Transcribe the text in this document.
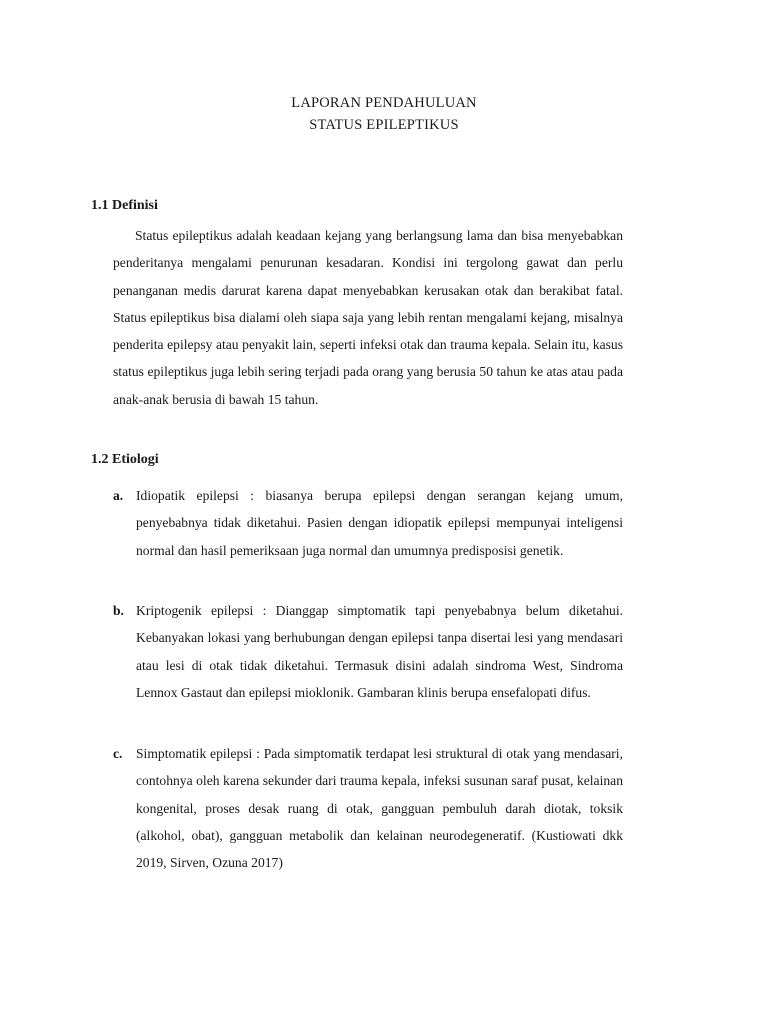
LAPORAN PENDAHULUAN
STATUS EPILEPTIKUS
1.1 Definisi

Status epileptikus adalah keadaan kejang yang berlangsung lama dan bisa menyebabkan penderitanya mengalami penurunan kesadaran. Kondisi ini tergolong gawat dan perlu penanganan medis darurat karena dapat menyebabkan kerusakan otak dan berakibat fatal. Status epileptikus bisa dialami oleh siapa saja yang lebih rentan mengalami kejang, misalnya penderita epilepsy atau penyakit lain, seperti infeksi otak dan trauma kepala. Selain itu, kasus status epileptikus juga lebih sering terjadi pada orang yang berusia 50 tahun ke atas atau pada anak-anak berusia di bawah 15 tahun.

1.2 Etiologi
a. Idiopatik epilepsi : biasanya berupa epilepsi dengan serangan kejang umum, penyebabnya tidak diketahui. Pasien dengan idiopatik epilepsi mempunyai inteligensi normal dan hasil pemeriksaan juga normal dan umumnya predisposisi genetik.
b. Kriptogenik epilepsi : Dianggap simptomatik tapi penyebabnya belum diketahui. Kebanyakan lokasi yang berhubungan dengan epilepsi tanpa disertai lesi yang mendasari atau lesi di otak tidak diketahui. Termasuk disini adalah sindroma West, Sindroma Lennox Gastaut dan epilepsi mioklonik. Gambaran klinis berupa ensefalopati difus.
c. Simptomatik epilepsi : Pada simptomatik terdapat lesi struktural di otak yang mendasari, contohnya oleh karena sekunder dari trauma kepala, infeksi susunan saraf pusat, kelainan kongenital, proses desak ruang di otak, gangguan pembuluh darah diotak, toksik (alkohol, obat), gangguan metabolik dan kelainan neurodegeneratif. (Kustiowati dkk 2019, Sirven, Ozuna 2017)
